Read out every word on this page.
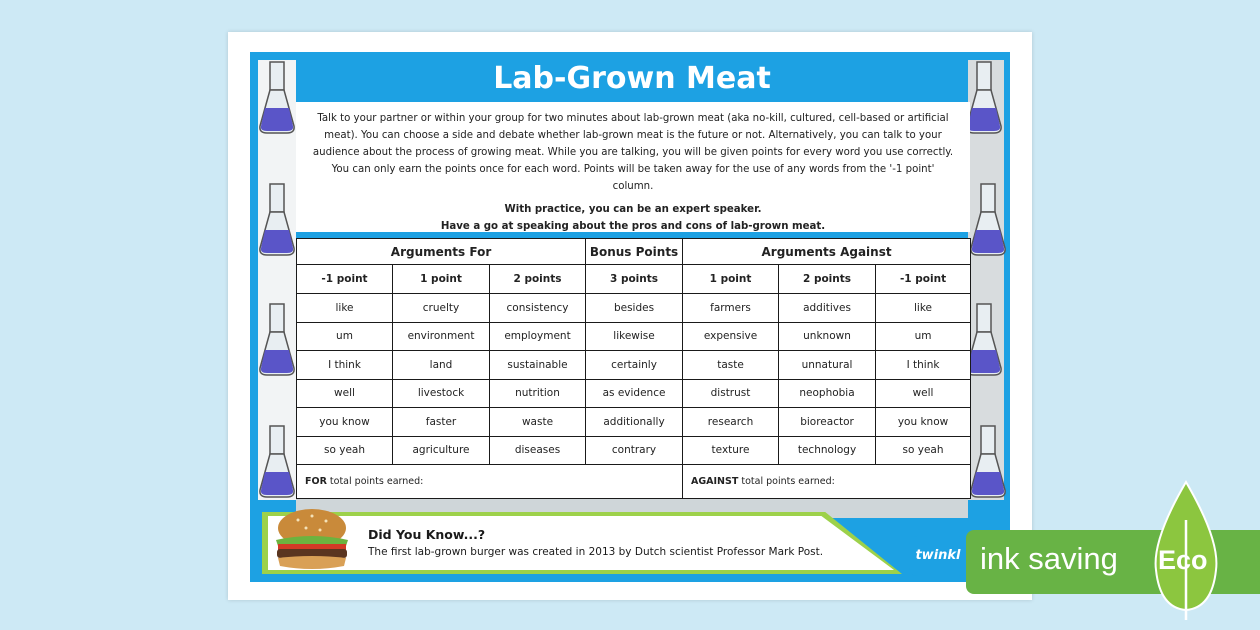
Lab-Grown Meat

Talk to your partner or within your group for two minutes about lab-grown meat (aka no-kill, cultured, cell-based or artificial meat). You can choose a side and debate whether lab-grown meat is the future or not. Alternatively, you can talk to your audience about the process of growing meat. While you are talking, you will be given points for every word you use correctly. You can only earn the points once for each word. Points will be taken away for the use of any words from the '-1 point' column.

With practice, you can be an expert speaker.

Have a go at speaking about the pros and cons of lab-grown meat.

Arguments For			Bonus Points	Arguments Against		
-1 point	1 point	2 points	3 points	1 point	2 points	-1 point
like	cruelty	consistency	besides	farmers	additives	like
um	environment	employment	likewise	expensive	unknown	um
I think	land	sustainable	certainly	taste	unnatural	I think
well	livestock	nutrition	as evidence	distrust	neophobia	well
you know	faster	waste	additionally	research	bioreactor	you know
so yeah	agriculture	diseases	contrary	texture	technology	so yeah
FOR total points earned:				AGAINST total points earned:		
Did You Know...?
The first lab-grown burger was created in 2013 by Dutch scientist Professor Mark Post.	twinkl ink saving Eco
